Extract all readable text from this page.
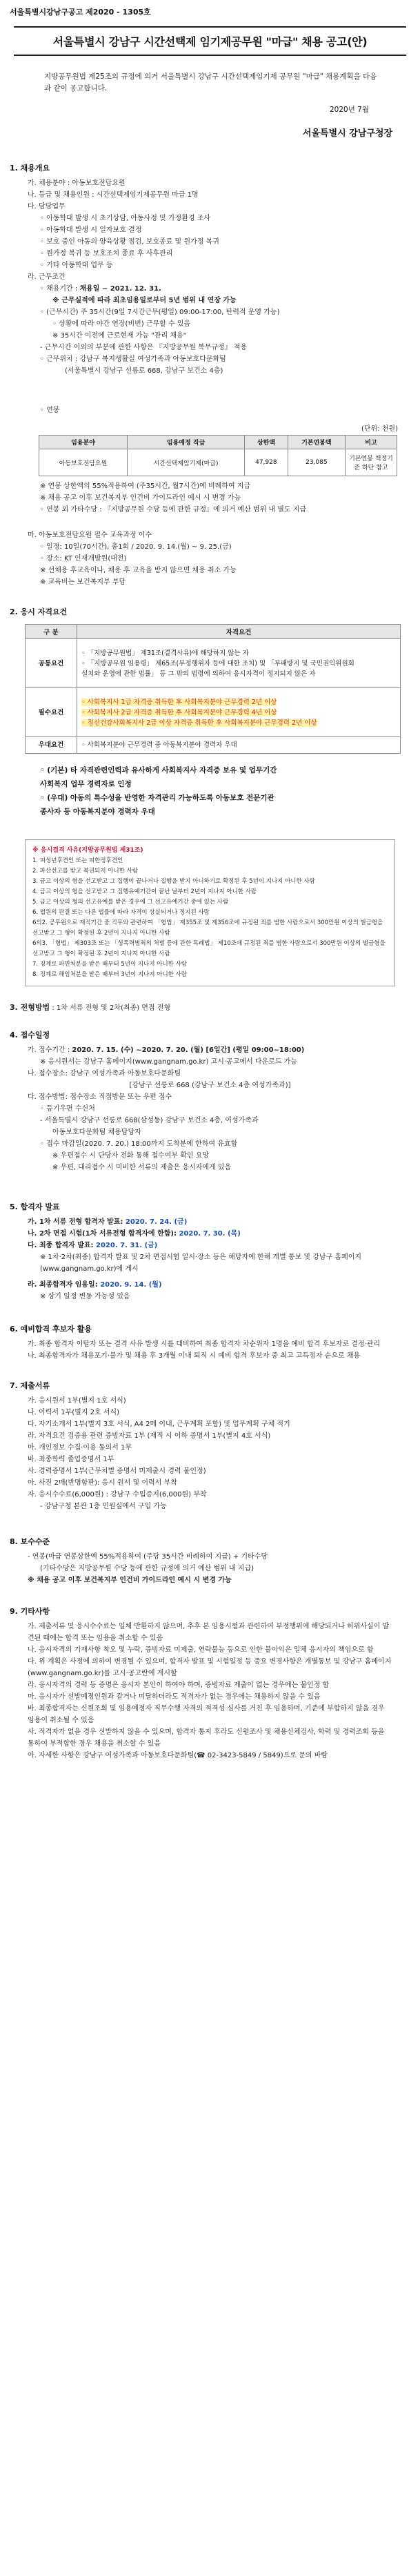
서울특별시강남구공고 제2020 - 1305호
서울특별시 강남구 시간선택제 임기제공무원 "마급" 채용 공고(안)
지방공무원법 제25조의 규정에 의거 서울특별시 강남구 시간선택제임기제 공무원 "마급" 채용계획을 다음과 같이 공고합니다.
2020년 7월
서울특별시 강남구청장
1. 채용개요
가. 채용분야 : 아동보호전담요원
나. 등급 및 채용인원 : 시간선택제임기제공무원 마급 1명
다. 담당업무
◦ 아동학대 발생 시 초기상담, 아동사정 및 가정환경 조사
◦ 아동학대 발생 시 일자보호 결정
◦ 보호 중인 아동의 양육상황 점검, 보호종료 및 원가정 복귀
◦ 원가정 복귀 등 보호조치 종료 후 사후관리
◦ 기타 아동학대 업무 등
라. 근무조건
◦ 채용기간 : 채용일 ~ 2021. 12. 31.
※ 근무실적에 따라 최초임용일로부터 5년 범위 내 연장 가능
◦ (근무시간) 주 35시간(9일 7시간근무(평일) 09:00-17:00, 탄력적 운영 가능)
◦ 상황에 따라 야간 연장(비번) 근무할 수 있음
※ 35시간 이전에 근로현재 가능 "관리 채용"
- 근무시간 이외의 부분에 관한 사항은 『지방공무원 복무규정』 적용
◦ 근무위치 : 강남구 복지생활실 여성가족과 아동보호다문화팀
(서울특별시 강남구 선릉로 668, 강남구 보건소 4층)
◦ 연봉
(단위: 천원)
임용분야	임용예정 직급	상한액	기본연봉액	비고
아동보호전담요원	시간선택제임기제(마급)	47,928	23,085	기본연봉 책정기준 하단 참고
※ 연봉 상한액의 55%적용하여 (주35시간, 월7시간)에 비례하여 지급
※ 채용 공고 이후 보건복지부 인건비 가이드라인 예시 시 변경 가능
◦ 연봉 외 가타수당 : 『지방공무원 수당 등에 관한 규정』에 의거 예산 범위 내 별도 지급
마. 아동보호전담요원 필수 교육과정 이수
◦ 일정: 10일(70시간), 총1회 / 2020. 9. 14.(월) ~ 9. 25.(금)
◦ 장소: KT 인재개발원(대전)
※ 선채용 후교육이나, 채용 후 교육을 받지 않으면 채용 취소 가능
※ 교육비는 보건복지부 부담
2. 응시 자격요건
구 분	자격요건
공통요건	◦ 「지방공무원법」 제31조(결격사유)에 해당하지 않는 자
◦ 「지방공무원 임용령」 제65조(부정행위자 등에 대한 조치) 및 「부패방지 및 국민권익위원회
설치와 운영에 관한 법률」 등 그 밖의 법령에 의하여 응시자격이 정지되지 않은 자

필수요건	◦ 사회복지사 1급 자격증 취득한 후 사회복지분야 근무경력 2년 이상
◦ 사회복지사 2급 자격증 취득한 후 사회복지분야 근무경력 4년 이상
◦ 정신건강사회복지사 2급 이상 자격증 취득한 후 사회복지분야 근무경력 2년 이상

우대요건	◦ 사회복지분야 근무경력 중 아동복지분야 경력자 우대
◦ (기본) 타 자격관련인력과 유사하게 사회복지사 자격증 보유 및 업무기간
사회복지 업무 경력자로 인정
◦ (우대) 아동의 특수성을 반영한 자격관리 가능하도록 아동보호 전문기관
종사자 등 아동복지분야 경력자 우대
※ 응시결격 사유(지방공무원법 제31조)
1. 피성년후견인 또는 피한정후견인
2. 파산선고를 받고 복권되지 아니한 사람
3. 금고 이상의 형을 선고받고 그 집행이 끝나거나 집행을 받지 아니하기로 확정된 후 5년이 지나지 아니한 사람
4. 금고 이상의 형을 선고받고 그 집행유예기간이 끝난 날부터 2년이 지나지 아니한 사람
5. 금고 이상의 형의 선고유예를 받은 경우에 그 선고유예기간 중에 있는 사람
6. 법원의 판결 또는 다른 법률에 따라 자격이 상실되거나 정지된 사람
6의2. 공무원으로 재직기간 중 직무와 관련하여 「형법」 제355조 및 제356조에 규정된 죄를 범한 사람으로서 300만원 이상의 벌금형을 선고받고 그 형이 확정된 후 2년이 지나지 아니한 사람
6의3. 「형법」 제303조 또는 「성폭력범죄의 처벌 등에 관한 특례법」 제10조에 규정된 죄를 범한 사람으로서 300만원 이상의 벌금형을 선고받고 그 형이 확정된 후 2년이 지나지 아니한 사람
7. 징계로 파면처분을 받은 때부터 5년이 지나지 아니한 사람
8. 징계로 해임처분을 받은 때부터 3년이 지나지 아니한 사람
3. 전형방법 : 1차 서류 전형 및 2차(최종) 면접 전형
4. 접수일정
가. 접수기간 : 2020. 7. 15. (수) ~2020. 7. 20. (월) [6일간] (평일 09:00~18:00)
※ 응시원서는 강남구 홈페이지(www.gangnam.go.kr) 고시·공고에서 다운로드 가능
나. 접수장소: 강남구 여성가족과 아동보호다문화팀
[강남구 선릉로 668 (강남구 보건소 4층 여성가족과)]
다. 접수방법: 접수장소 직접방문 또는 우편 접수
◦ 등기우편 수신처
- 서울특별시 강남구 선릉로 668(삼성동) 강남구 보건소 4층, 여성가족과
아동보호다문화팀 채용담당자
◦ 접수 마감일(2020. 7. 20.) 18:00까지 도착분에 한하여 유효함
※ 우편접수 시 단당자 전화 통해 접수여부 확인 요망
※ 우편, 대리접수 시 미비한 서류의 제출은 응시자에게 있음
5. 합격자 발표
가. 1차 서류 전형 합격자 발표: 2020. 7. 24. (금)
나. 2차 면접 시험(1차 서류전형 합격자에 한함): 2020. 7. 30. (목)
다. 최종 합격자 발표: 2020. 7. 31. (금)
※ 1차·2차(최종) 합격자 발표 및 2차 면접시험 일시·장소 등은 해당자에 한해 개별 통보 및 강남구 홈페이지(www.gangnam.go.kr)에 게시
라. 최종합격자 임용일: 2020. 9. 14. (월)
※ 상기 일정 변동 가능성 있음
6. 예비합격 후보자 활용
가. 최종 합격자 이탈자 또는 결격 사유 발생 시를 대비하여 최종 합격자 차순위자 1명을 예비 합격 후보자로 결정·관리
나. 최종합격자가 채용포기·불가 및 채용 후 3개월 이내 퇴직 시 예비 합격 후보자 중 최고 고득점자 순으로 채용
7. 제출서류
가. 응시원서 1부(별지 1호 서식)
나. 이력서 1부(별지 2호 서식)
다. 자기소개서 1부(별지 3호 서식, A4 2매 이내, 근무계획 포함) 및 업무계획 구체 적기
라. 자격요건 검증용 관련 증빙자료 1부 (재직 시 이하 증명서 1부(별지 4호 서식)
마. 개인정보 수집·이용 동의서 1부
바. 최종학력 졸업증명서 1부
사. 경력증명서 1부(근무처별 증명서 미제출시 경력 불인정)
아. 사진 2매(반명함판): 응시 원서 및 이력서 부착
자. 응시수수료(6,000원) : 강남구 수입증지(6,000원) 부착
- 강남구청 본관 1층 민원실에서 구입 가능
8. 보수수준
- 연봉(마급 연봉상한액 55%적용하여 (주당 35시간 비례하여 지급) + 기타수당
(기타수당은 지방공무원 수당 등에 관한 규정에 의거 예산 범위 내 지급)
※ 채용 공고 이후 보건복지부 인건비 가이드라인 예시 시 변경 가능
9. 기타사항
가. 제출서류 및 응시수수료는 일체 반환하지 않으며, 추후 본 임용시험과 관련하여 부정행위에 해당되거나 허위사실이 발견된 때에는 합격 또는 임용을 취소할 수 있음
나. 응시자격의 기재사항 착오 및 누락, 증빙자료 미제출, 연락불능 등으로 인한 불이익은 일체 응시자의 책임으로 함
다. 위 계획은 사정에 의하여 변경될 수 있으며, 합격자 발표 및 시험일정 등 중요 변경사항은 개별통보 및 강남구 홈페이지(www.gangnam.go.kr)를 고시·공고란에 게시할
라. 응시자격의 경력 등 증명은 응시자 본인이 하여야 하며, 증빙자료 제출이 없는 경우에는 불인정 함
마. 응시자가 선발예정인원과 같거나 미달하더라도 적격자가 없는 경우에는 채용하지 않을 수 있음
바. 최종합격자는 신원조회 및 임용예정자 직무수행 자격의 적격성 심사를 거친 후 임용하며, 기준에 부합하지 않을 경우 임용이 취소될 수 있음
사. 적격자가 없을 경우 선발하지 않을 수 있으며, 합격자 통지 후라도 신원조사 및 채용신체검사, 학력 및 경력조회 등을 통하여 부적합한 경우 채용을 취소할 수 있음
아. 자세한 사항은 강남구 여성가족과 아동보호다문화팀(☎ 02-3423-5849 / 5849)으로 문의 바람
